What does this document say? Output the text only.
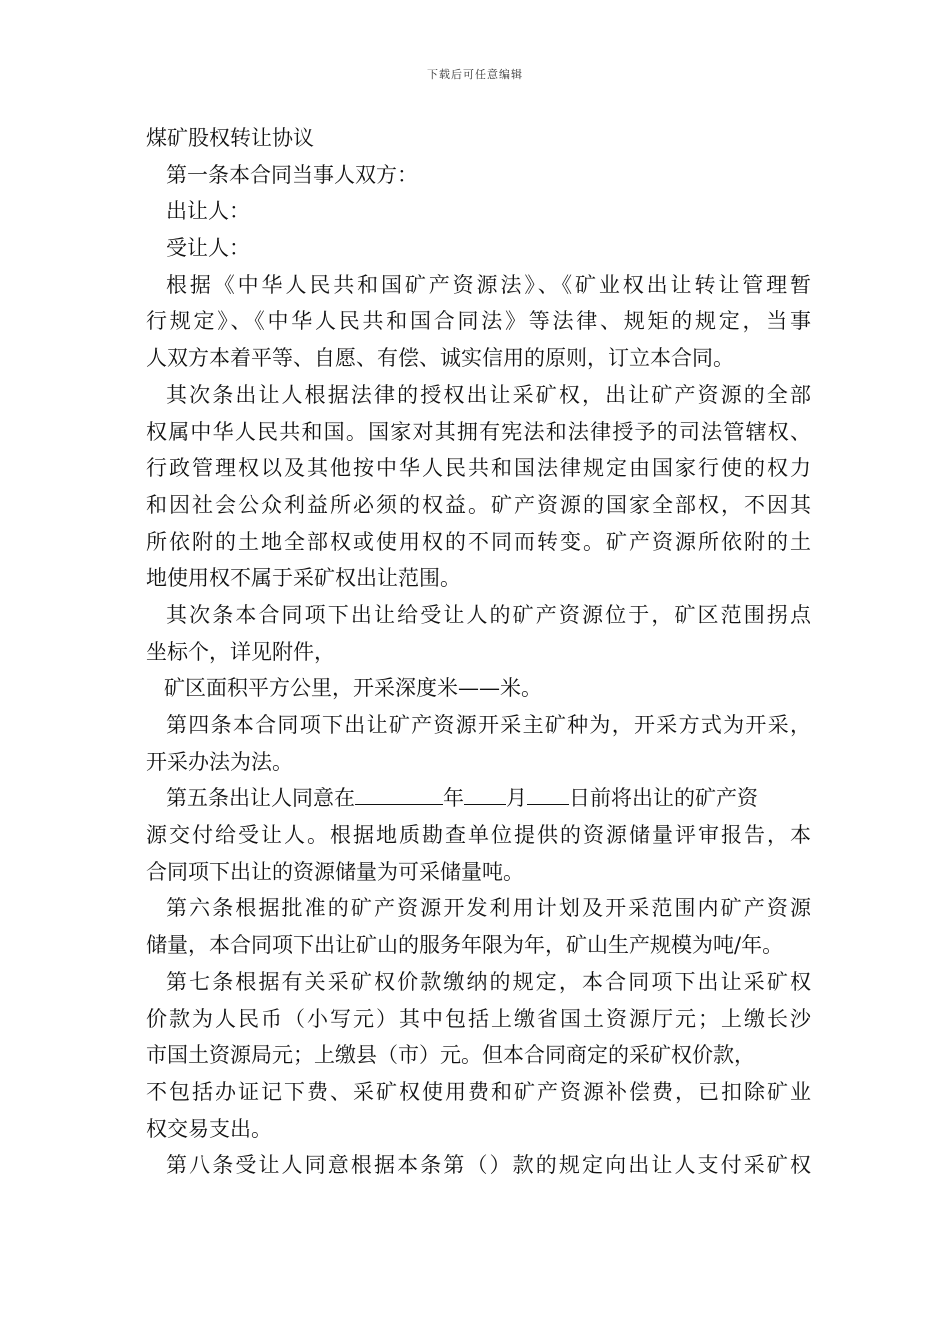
下载后可任意编辑
煤矿股权转让协议
第一条本合同当事人双方：
出让人：
受让人：
根据《中华人民共和国矿产资源法》、《矿业权出让转让管理暂
行规定》、《中华人民共和国合同法》等法律、规矩的规定，当事
人双方本着平等、自愿、有偿、诚实信用的原则，订立本合同。
其次条出让人根据法律的授权出让采矿权，出让矿产资源的全部
权属中华人民共和国。国家对其拥有宪法和法律授予的司法管辖权、
行政管理权以及其他按中华人民共和国法律规定由国家行使的权力
和因社会公众利益所必须的权益。矿产资源的国家全部权，不因其
所依附的土地全部权或使用权的不同而转变。矿产资源所依附的土
地使用权不属于采矿权出让范围。
其次条本合同项下出让给受让人的矿产资源位于，矿区范围拐点
坐标个，详见附件，
矿区面积平方公里，开采深度米——米。
第四条本合同项下出让矿产资源开采主矿种为，开采方式为开采，
开采办法为法。
第五条出让人同意在	年 月 日前将出让的矿产资
源交付给受让人。根据地质勘查单位提供的资源储量评审报告，本
合同项下出让的资源储量为可采储量吨。
第六条根据批准的矿产资源开发利用计划及开采范围内矿产资源
储量，本合同项下出让矿山的服务年限为年，矿山生产规模为吨/年。
第七条根据有关采矿权价款缴纳的规定，本合同项下出让采矿权
价款为人民币（小写元）其中包括上缴省国土资源厅元；上缴长沙
市国土资源局元；上缴县（市）元。但本合同商定的采矿权价款，
不包括办证记下费、采矿权使用费和矿产资源补偿费，已扣除矿业
权交易支出。
第八条受让人同意根据本条第（）款的规定向出让人支付采矿权
